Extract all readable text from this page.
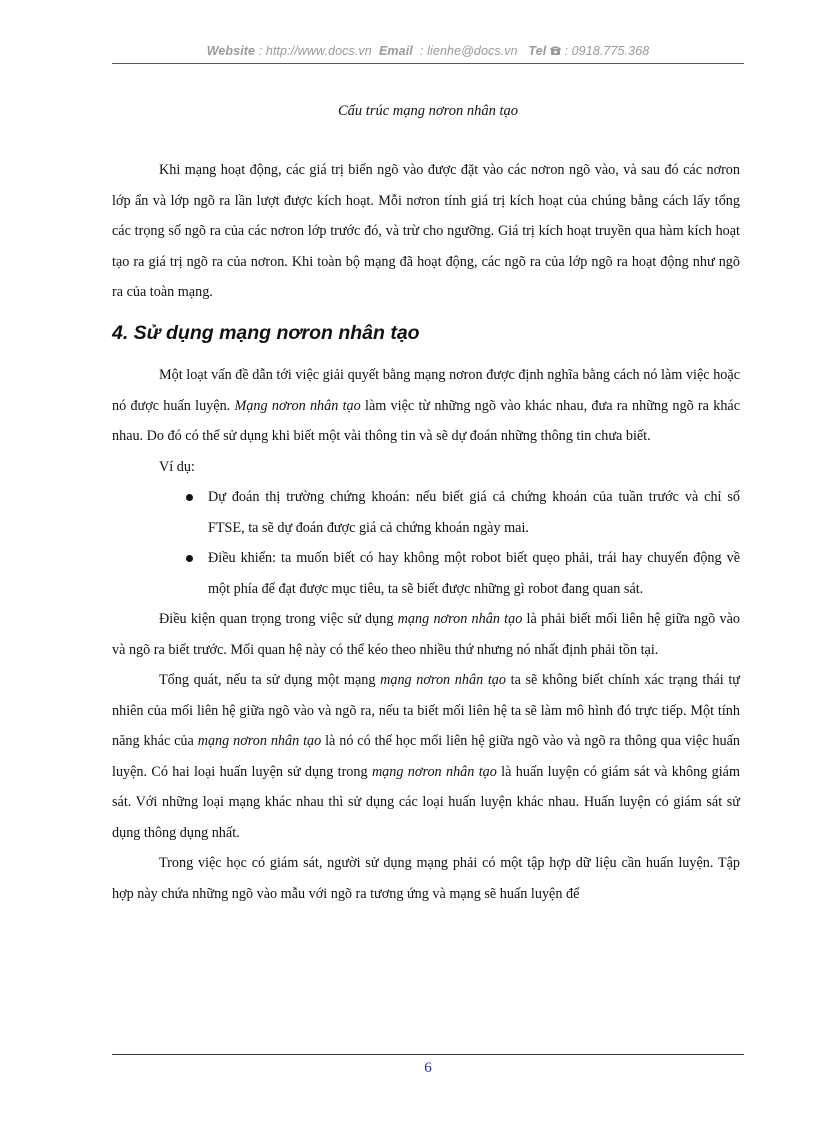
Website : http://www.docs.vn Email : lienhe@docs.vn Tel : 0918.775.368
Cấu trúc mạng nơron nhân tạo

Khi mạng hoạt động, các giá trị biến ngõ vào được đặt vào các nơron ngõ vào, và sau đó các nơron lớp ẩn và lớp ngõ ra lần lượt được kích hoạt. Mỗi nơron tính giá trị kích hoạt của chúng bằng cách lấy tổng các trọng số ngõ ra của các nơron lớp trước đó, và trừ cho ngưỡng. Giá trị kích hoạt truyền qua hàm kích hoạt tạo ra giá trị ngõ ra của nơron. Khi toàn bộ mạng đã hoạt động, các ngõ ra của lớp ngõ ra hoạt động như ngõ ra của toàn mạng.

4. Sử dụng mạng nơron nhân tạo

Một loạt vấn đề dẫn tới việc giải quyết bằng mạng nơron được định nghĩa bằng cách nó làm việc hoặc nó được huấn luyện. Mạng nơron nhân tạo làm việc từ những ngõ vào khác nhau, đưa ra những ngõ ra khác nhau. Do đó có thể sử dụng khi biết một vài thông tin và sẽ dự đoán những thông tin chưa biết.

Ví dụ:

Dự đoán thị trường chứng khoán: nếu biết giá cả chứng khoán của tuần trước và chỉ số FTSE, ta sẽ dự đoán được giá cả chứng khoán ngày mai.
Điều khiển: ta muốn biết có hay không một robot biết quẹo phải, trái hay chuyển động về một phía để đạt được mục tiêu, ta sẽ biết được những gì robot đang quan sát.

Điều kiện quan trọng trong việc sử dụng mạng nơron nhân tạo là phải biết mối liên hệ giữa ngõ vào và ngõ ra biết trước. Mối quan hệ này có thể kéo theo nhiều thứ nhưng nó nhất định phải tồn tại.

Tổng quát, nếu ta sử dụng một mạng mạng nơron nhân tạo ta sẽ không biết chính xác trạng thái tự nhiên của mối liên hệ giữa ngõ vào và ngõ ra, nếu ta biết mối liên hệ ta sẽ làm mô hình đó trực tiếp. Một tính năng khác của mạng nơron nhân tạo là nó có thể học mối liên hệ giữa ngõ vào và ngõ ra thông qua việc huấn luyện. Có hai loại huấn luyện sử dụng trong mạng nơron nhân tạo là huấn luyện có giám sát và không giám sát. Với những loại mạng khác nhau thì sử dụng các loại huấn luyện khác nhau. Huấn luyện có giám sát sử dụng thông dụng nhất.

Trong việc học có giám sát, người sử dụng mạng phải có một tập hợp dữ liệu cần huấn luyện. Tập hợp này chứa những ngõ vào mẫu với ngõ ra tương ứng và mạng sẽ huấn luyện để

6
